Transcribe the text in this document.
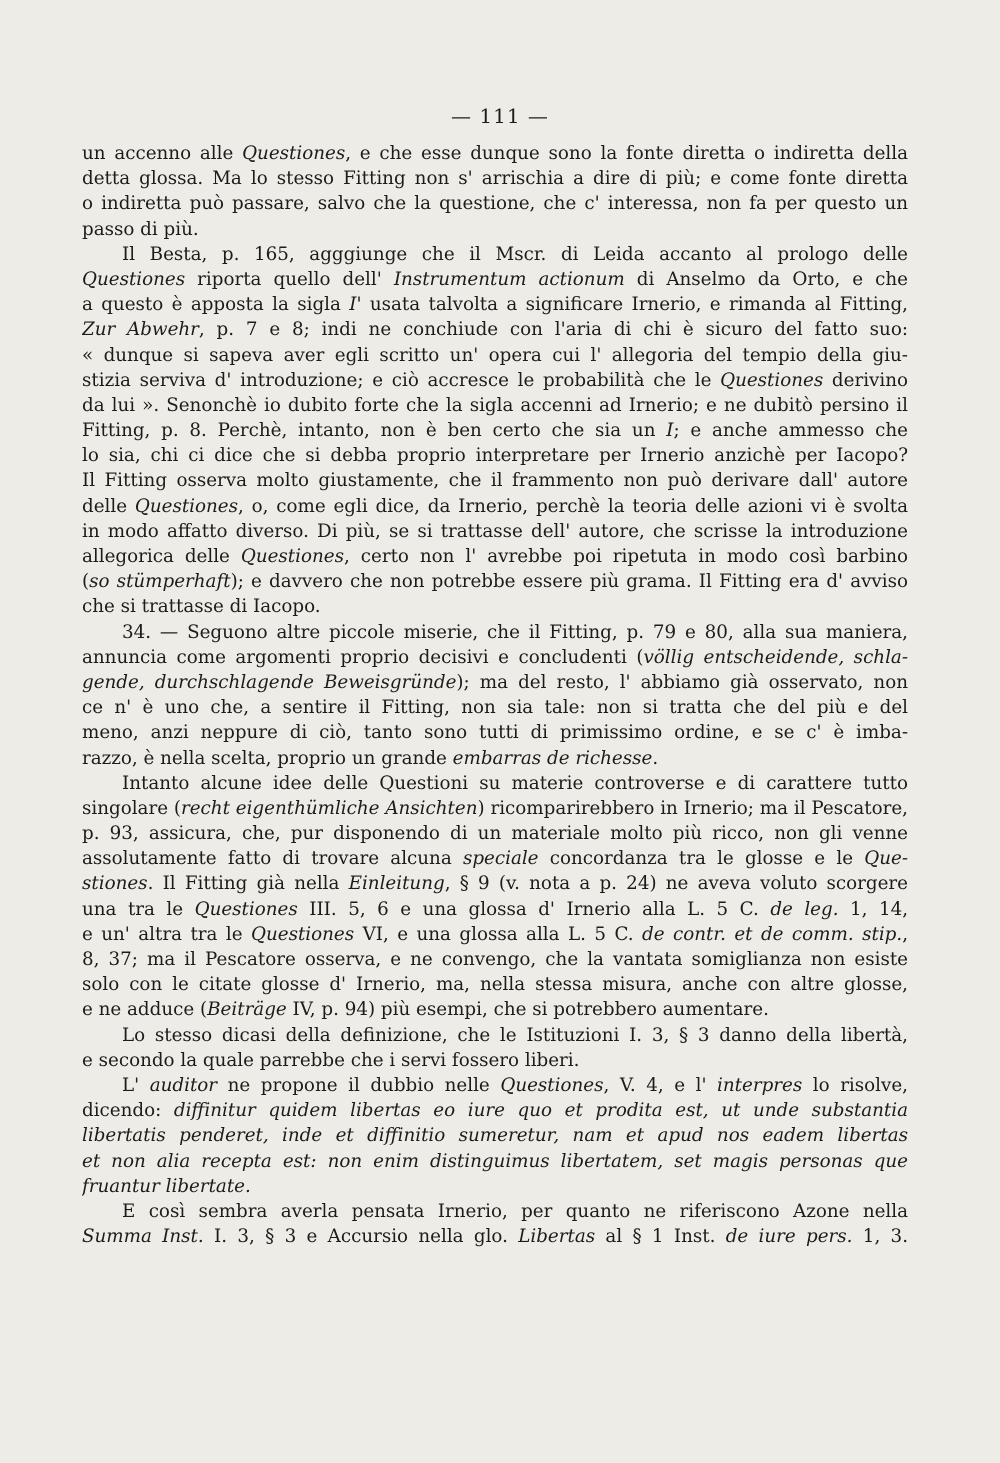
— 111 —
un accenno alle Questiones, e che esse dunque sono la fonte diretta o indiretta della
detta glossa. Ma lo stesso Fitting non s' arrischia a dire di più; e come fonte diretta
o indiretta può passare, salvo che la questione, che c' interessa, non fa per questo un
passo di più.
Il Besta, p. 165, agggiunge che il Mscr. di Leida accanto al prologo delle
Questiones riporta quello dell' Instrumentum actionum di Anselmo da Orto, e che
a questo è apposta la sigla I' usata talvolta a significare Irnerio, e rimanda al Fitting,
Zur Abwehr, p. 7 e 8; indi ne conchiude con l'aria di chi è sicuro del fatto suo:
« dunque si sapeva aver egli scritto un' opera cui l' allegoria del tempio della giu-
stizia serviva d' introduzione; e ciò accresce le probabilità che le Questiones derivino
da lui ». Senonchè io dubito forte che la sigla accenni ad Irnerio; e ne dubitò persino il
Fitting, p. 8. Perchè, intanto, non è ben certo che sia un I; e anche ammesso che
lo sia, chi ci dice che si debba proprio interpretare per Irnerio anzichè per Iacopo?
Il Fitting osserva molto giustamente, che il frammento non può derivare dall' autore
delle Questiones, o, come egli dice, da Irnerio, perchè la teoria delle azioni vi è svolta
in modo affatto diverso. Di più, se si trattasse dell' autore, che scrisse la introduzione
allegorica delle Questiones, certo non l' avrebbe poi ripetuta in modo così barbino
(so stümperhaft); e davvero che non potrebbe essere più grama. Il Fitting era d' avviso
che si trattasse di Iacopo.
34. — Seguono altre piccole miserie, che il Fitting, p. 79 e 80, alla sua maniera,
annuncia come argomenti proprio decisivi e concludenti (völlig entscheidende, schla-
gende, durchschlagende Beweisgründe); ma del resto, l' abbiamo già osservato, non
ce n' è uno che, a sentire il Fitting, non sia tale: non si tratta che del più e del
meno, anzi neppure di ciò, tanto sono tutti di primissimo ordine, e se c' è imba-
razzo, è nella scelta, proprio un grande embarras de richesse.
Intanto alcune idee delle Questioni su materie controverse e di carattere tutto
singolare (recht eigenthümliche Ansichten) ricomparirebbero in Irnerio; ma il Pescatore,
p. 93, assicura, che, pur disponendo di un materiale molto più ricco, non gli venne
assolutamente fatto di trovare alcuna speciale concordanza tra le glosse e le Que-
stiones. Il Fitting già nella Einleitung, § 9 (v. nota a p. 24) ne aveva voluto scorgere
una tra le Questiones III. 5, 6 e una glossa d' Irnerio alla L. 5 C. de leg. 1, 14,
e un' altra tra le Questiones VI, e una glossa alla L. 5 C. de contr. et de comm. stip.,
8, 37; ma il Pescatore osserva, e ne convengo, che la vantata somiglianza non esiste
solo con le citate glosse d' Irnerio, ma, nella stessa misura, anche con altre glosse,
e ne adduce (Beiträge IV, p. 94) più esempi, che si potrebbero aumentare.
Lo stesso dicasi della definizione, che le Istituzioni I. 3, § 3 danno della libertà,
e secondo la quale parrebbe che i servi fossero liberi.
L' auditor ne propone il dubbio nelle Questiones, V. 4, e l' interpres lo risolve,
dicendo: diffinitur quidem libertas eo iure quo et prodita est, ut unde substantia
libertatis penderet, inde et diffinitio sumeretur, nam et apud nos eadem libertas
et non alia recepta est: non enim distinguimus libertatem, set magis personas que
fruantur libertate.
E così sembra averla pensata Irnerio, per quanto ne riferiscono Azone nella
Summa Inst. I. 3, § 3 e Accursio nella glo. Libertas al § 1 Inst. de iure pers. 1, 3.
